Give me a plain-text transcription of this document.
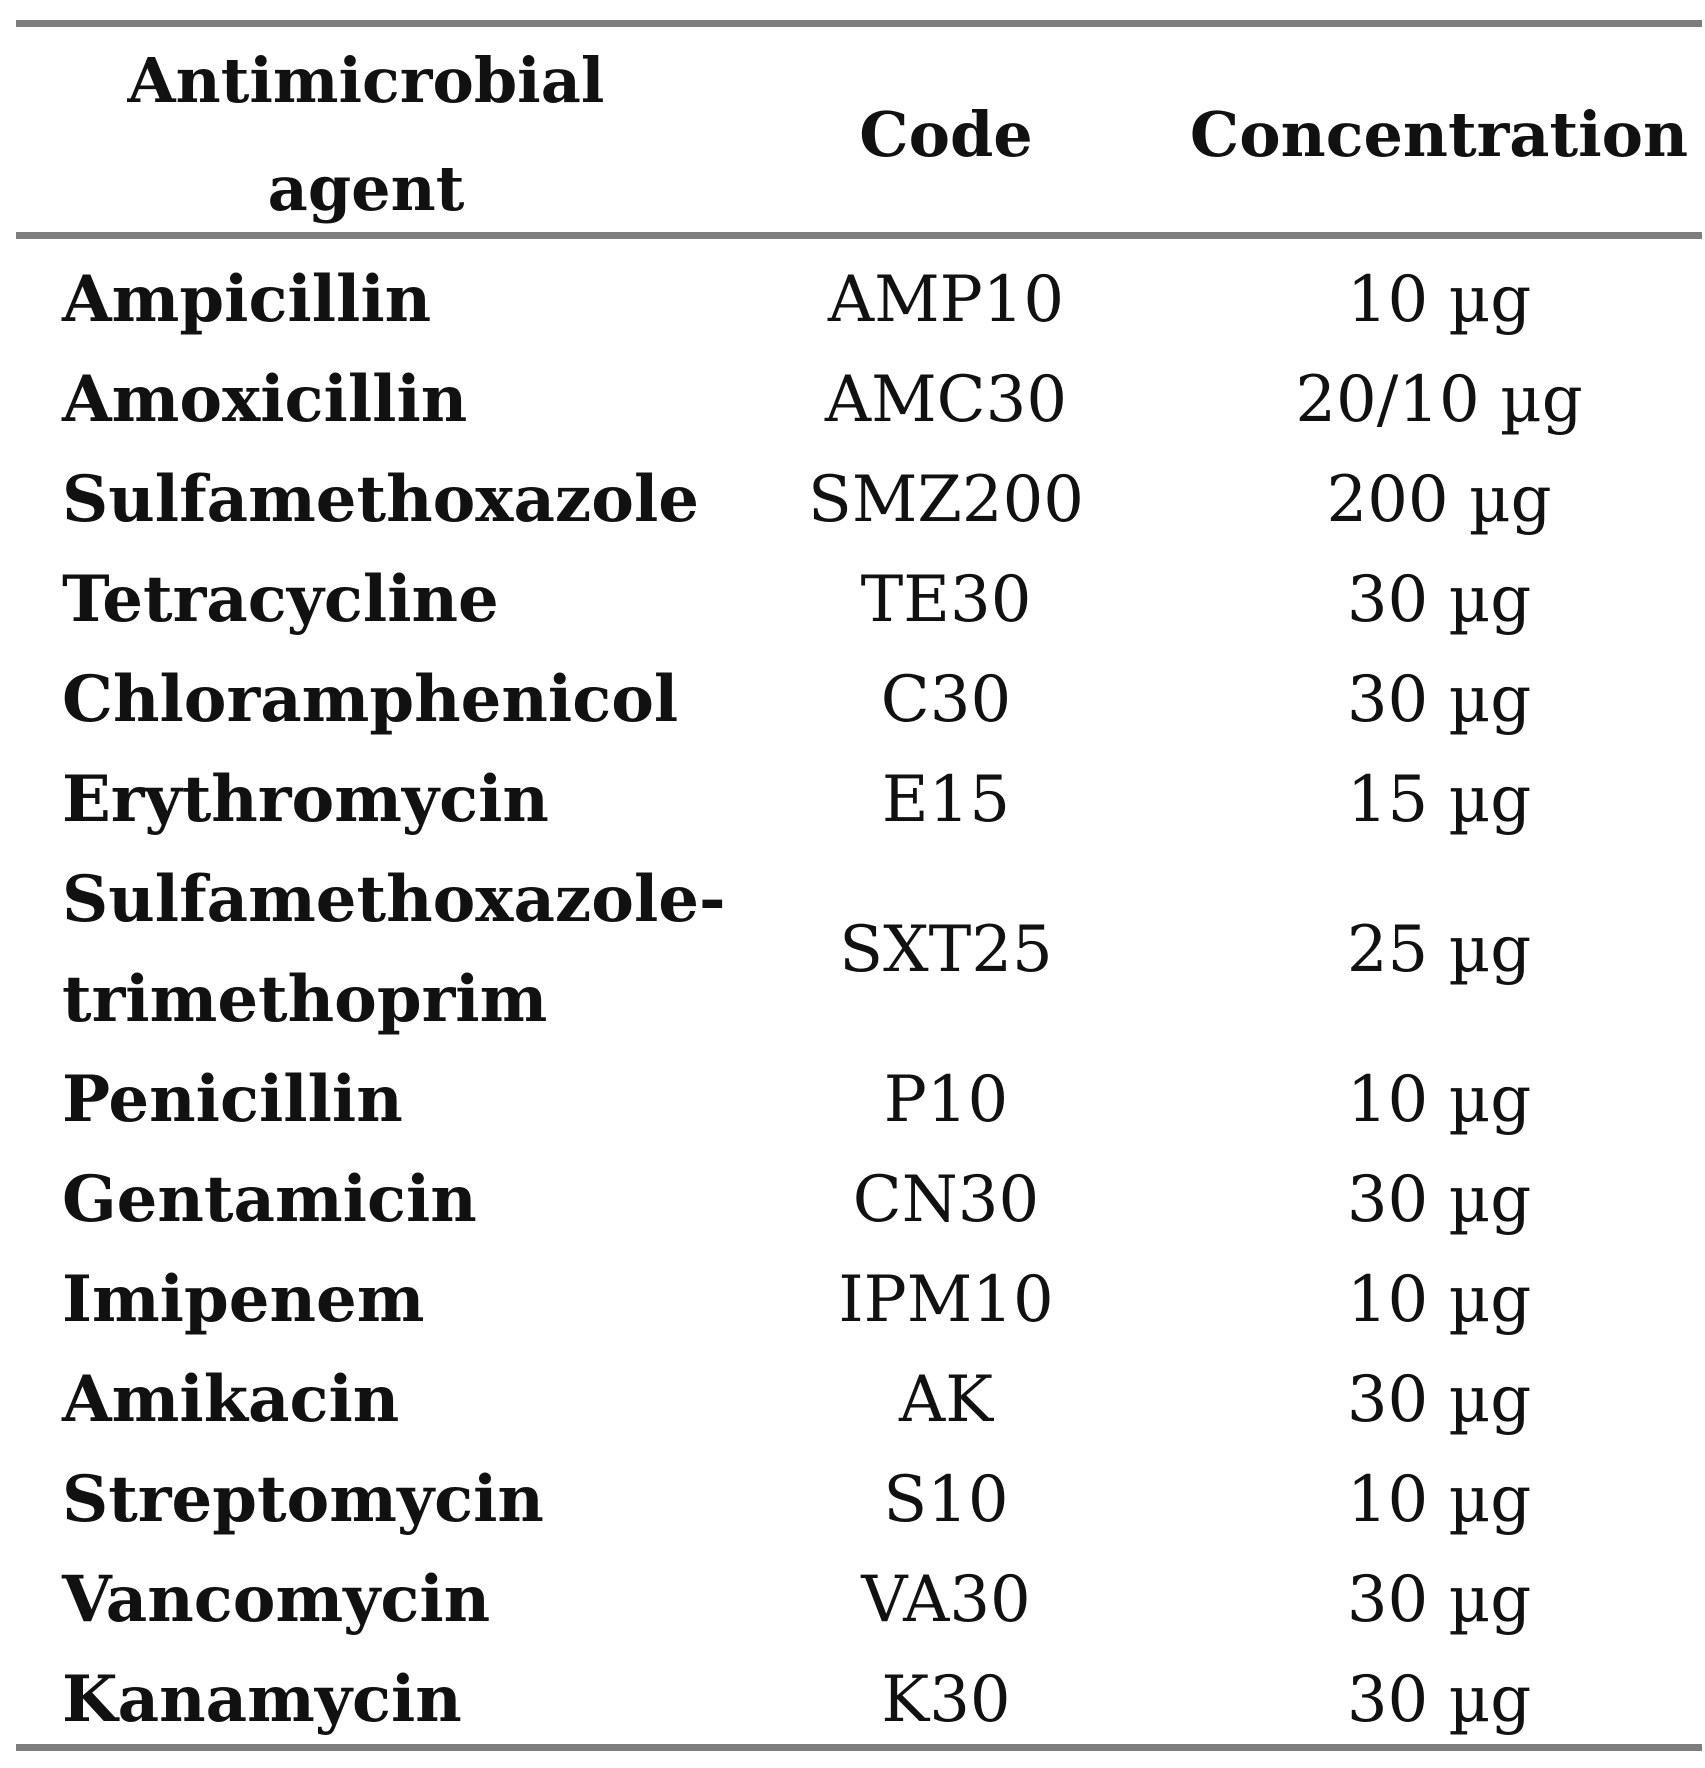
Antimicrobial
agent	Code	Concentration

Ampicillin	AMP10	10 µg
Amoxicillin	AMC30	20/10 µg
Sulfamethoxazole	SMZ200	200 µg
Tetracycline	TE30	30 µg
Chloramphenicol	C30	30 µg
Erythromycin	E15	15 µg

Sulfamethoxazole-
trimethoprim	SXT25	25 µg
Penicillin	P10	10 µg
Gentamicin	CN30	30 µg
Imipenem	IPM10	10 µg
Amikacin	AK	30 µg
Streptomycin	S10	10 µg
Vancomycin	VA30	30 µg
Kanamycin	K30	30 µg
